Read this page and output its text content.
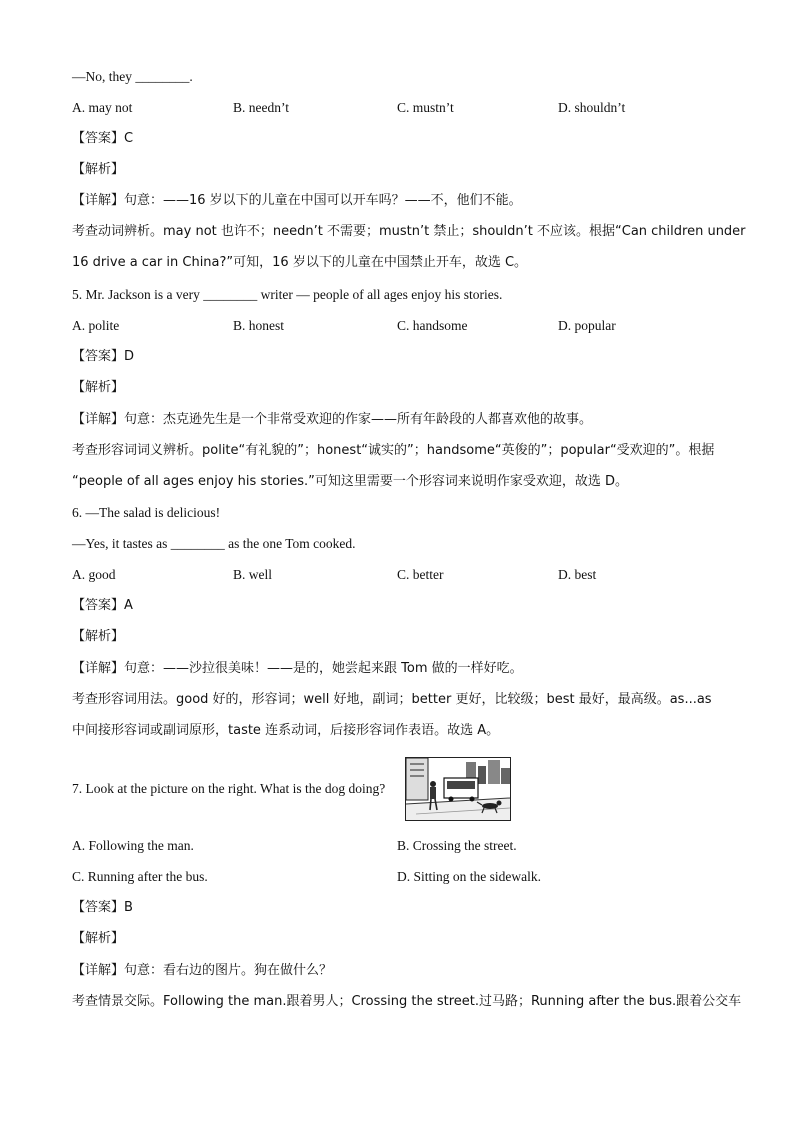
—No, they ________.
A. may not	B. needn’t	C. mustn’t	D. shouldn’t
【答案】C
【解析】
【详解】句意：——16 岁以下的儿童在中国可以开车吗？——不，他们不能。
考查动词辨析。may not 也许不；needn’t 不需要；mustn’t 禁止；shouldn’t 不应该。根据“Can children under
16 drive a car in China?”可知，16 岁以下的儿童在中国禁止开车，故选 C。
5. Mr. Jackson is a very ________ writer — people of all ages enjoy his stories.
A. polite	B. honest	C. handsome	D. popular
【答案】D
【解析】
【详解】句意：杰克逊先生是一个非常受欢迎的作家——所有年龄段的人都喜欢他的故事。
考查形容词词义辨析。polite“有礼貌的”；honest“诚实的”；handsome“英俊的”；popular“受欢迎的”。根据
“people of all ages enjoy his stories.”可知这里需要一个形容词来说明作家受欢迎，故选 D。
6. —The salad is delicious!
—Yes, it tastes as ________ as the one Tom cooked.
A. good	B. well	C. better	D. best
【答案】A
【解析】
【详解】句意：——沙拉很美味！——是的，她尝起来跟 Tom 做的一样好吃。
考查形容词用法。good 好的，形容词；well 好地，副词；better 更好，比较级；best 最好，最高级。as...as
中间接形容词或副词原形，taste 连系动词，后接形容词作表语。故选 A。
7. Look at the picture on the right. What is the dog doing?
A. Following the man.	B. Crossing the street.
C. Running after the bus.	D. Sitting on the sidewalk.
【答案】B
【解析】
【详解】句意：看右边的图片。狗在做什么？
考查情景交际。Following the man.跟着男人；Crossing the street.过马路；Running after the bus.跟着公交车
